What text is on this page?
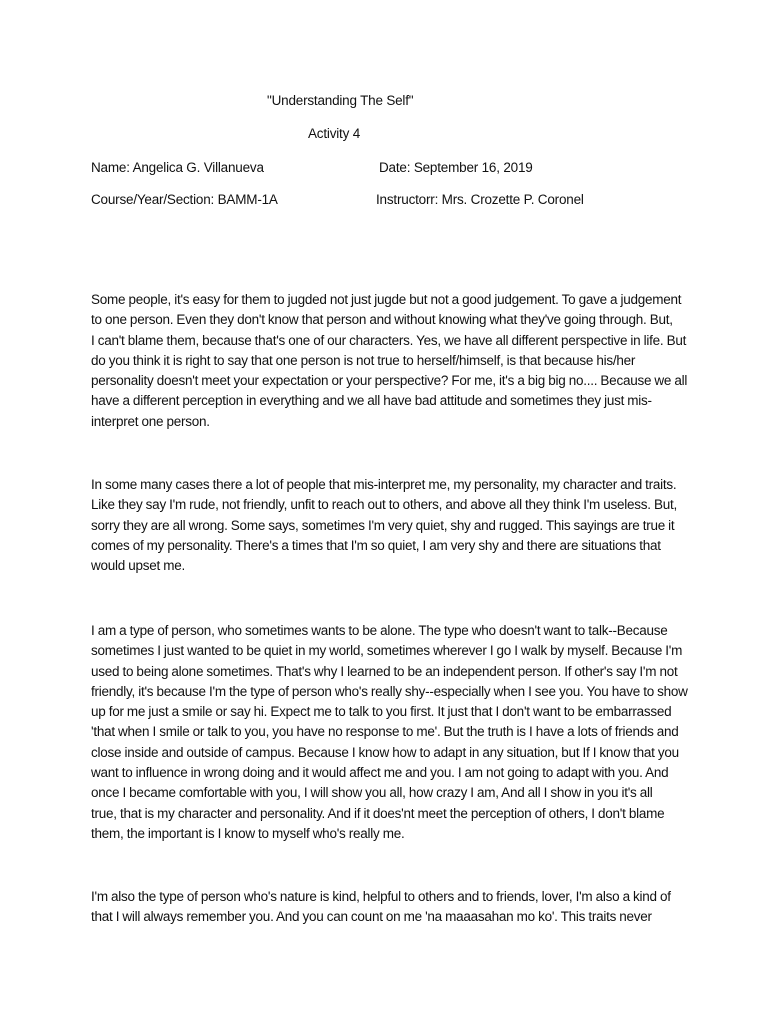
"Understanding The Self"
Activity 4
Name: Angelica G. Villanueva	Date: September 16, 2019
Course/Year/Section: BAMM-1A	Instructorr: Mrs. Crozette P. Coronel
Some people, it's easy for them to jugded not just jugde but not a good judgement. To gave a judgement
to one person. Even they don't know that person and without knowing what they've going through. But,
I can't blame them, because that's one of our characters. Yes, we have all different perspective in life. But
do you think it is right to say that one person is not true to herself/himself, is that because his/her
personality doesn't meet your expectation or your perspective? For me, it's a big big no.... Because we all
have a different perception in everything and we all have bad attitude and sometimes they just mis-
interpret one person.
In some many cases there a lot of people that mis-interpret me, my personality, my character and traits.
Like they say I'm rude, not friendly, unfit to reach out to others, and above all they think I'm useless. But,
sorry they are all wrong. Some says, sometimes I'm very quiet, shy and rugged. This sayings are true it
comes of my personality. There's a times that I'm so quiet, I am very shy and there are situations that
would upset me.
I am a type of person, who sometimes wants to be alone. The type who doesn't want to talk--Because
sometimes I just wanted to be quiet in my world, sometimes wherever I go I walk by myself. Because I'm
used to being alone sometimes. That's why I learned to be an independent person. If other's say I'm not
friendly, it's because I'm the type of person who's really shy--especially when I see you. You have to show
up for me just a smile or say hi. Expect me to talk to you first. It just that I don't want to be embarrassed
'that when I smile or talk to you, you have no response to me'. But the truth is I have a lots of friends and
close inside and outside of campus. Because I know how to adapt in any situation, but If I know that you
want to influence in wrong doing and it would affect me and you. I am not going to adapt with you. And
once I became comfortable with you, I will show you all, how crazy I am, And all I show in you it's all
true, that is my character and personality. And if it does'nt meet the perception of others, I don't blame
them, the important is I know to myself who's really me.
I'm also the type of person who's nature is kind, helpful to others and to friends, lover, I'm also a kind of
that I will always remember you. And you can count on me 'na maaasahan mo ko'. This traits never
